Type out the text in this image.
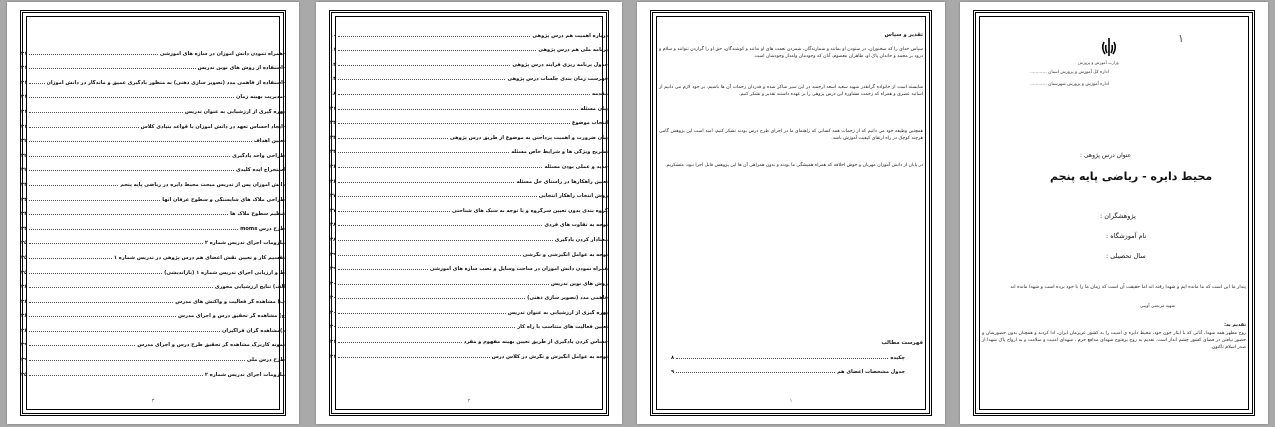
-همراه نمودن دانش آموزان در سازه های آموزشی
۳۱
-استفاده از روش های نوین تدریس
۳۱
-استفاده از فاهمی مدد (تصویر سازی ذهنی) به منظور یادگیری عمیق و ماندگار در دانش آموزان
۳۱
-مدیریت بهینه زمان
۳۱
بهره گیری از ارزشیابی به عنوان تدریس
۳۱
-ایجاد احساس تعهد در دانش آموزان با قواعد بنیادی کلاس
۳۱
تعیین اهداف
۳۲
طراحی واحد یادگیری
۳۲
استخراج ایده کلیدی
۳۲
دانش آموزان پس از تدریس مبحث محیط دایره در ریاضی پایه پنجم
۳۳
طراحی ملاک های شایستگی و سطوح عرفان آنها
۳۳
تنظیم سطوح ملاک ها
۳۴
طرح درس moms
۳۴
ملزومات اجرای تدریس شماره ۲
۳۵
تقسیم کار و تعیین نقش اعضای هم درس پژوهی در تدریس شماره ۱
۳۵
ط و ارزیابی اجرای تدریس شماره ۱ (بازاندیشی)
۳۵
الف) نتایج ارزشیابی محوری
۳۶
ب) مشاهده گر فعالیت و واکنش های مدرس
۳۶
ج) مشاهده گر تحقیق درس و اجرای مدرس
۳۶
د)مشاهده گران فراگیران
۳۶
نمونه کاربرگ مشاهده گر تحقیق طرح درس و اجرای مدرس
۳۹
طرح درس ملی
۳۹
ملزومات اجرای تدریس شماره ۲
۳۵
۳
درباره اهمیت هم درس پژوهی
۱۰
برنامه ملی هم درس پژوهی
۱۱
جدول برنامه ریزی فرآیند درس پژوهی
۱۳
فهرست زمان بندی جلسات درس پژوهی
۱۴
مقدمه
۱۸
بیان مسئله
۲۱
انتخاب موضوع
۲۳
بیان ضرورت و اهمیت پرداختن به موضوع از طریق درس پژوهی
۲۳
تشریح ویژگی ها و شرایط خاص مسئله
۲۴
جدید و عملی بودن مسئله
۲۶
تعیین راهکارها در راستای حل مسئله
۲۶
روش انتخاب راهکار انتخابی
۲۷
گروه بندی بدون تعیین سرگروه و با توجه به سبک های شناختی
۲۷
توجه به تفاوت های فردی
۲۸
معنادار کردن یادگیری
۲۸
توجه به عوامل انگیزشی و نگرشی
۲۹
همراه نمودن دانش آموزان در ساخت وسایل و نصب سازه های آموزشی
۲۹
روش های نوین تدریس
۳۰
فاهمی مدد (تصویر سازی ذهنی)
۳۰
بهره گیری از ارزشیابی به عنوان تدریس
۳۰
تعیین فعالیت های متناسب با راه کار
۳۰
حساس کردن یادگیری از طریق تعیین بهینه مفهوم و مفرد
۳۱
توجه به عوامل انگیزش و نگرش در کلاس درس
۳۱
۲
تقدیر و سپاس
سپاس خدای را که سخنوران، در ستودن او بمانند و شمارندگان، شمردن نعمت های او ندانند و کوشندگان، حق او را گزاردن نتوانند و سلام و درود بر محمد و خاندان پاک او، طاهران معصوم، آنان که وجودمان وامدار وجودشان است.
شایسته است از خانواده گرانقدر شهید سعید اسعد ارجمند در این سیر شاکر شده و قدردان زحمات آن ها باشیم. بر خود لازم می دانیم از اساتید عصری و همراه که زحمت مشاوره این درس پژوهی را بر عهده داشتند تقدیر و تشکر کنیم.
همچنین وظیفه خود می دانیم که از زحمات همه کسانی که راهنمای ما در اجرای طرح درس بودند تشکر کنیم، امید است این پژوهش گامی هرچند کوچک در راه ارتقای کیفیت آموزش باشد.
در پایان از دانش آموزان مهربان و خوش اخلاقه که همراه همیشگی ما بودند و بدون همراهی آن ها این پژوهش قابل اجرا نبود، متشکریم.
فهرست مطالب
چکیده
۸
جدول مشخصات اعضای هم
۹
۱
۱
وزارت آموزش و پرورش
اداره کل آموزش و پرورش استان ............
اداره آموزش و پرورش شهرستان ............
عنوان درس پژوهی :
محیط دایره - ریاضی پایه پنجم
پژوهشگران :
نام آموزشگاه :
سال تحصیلی :
پندار ما این است که ما مانده ایم و شهدا رفته اند اما حقیقت آن است که زمان ما را با خود برده است و شهدا مانده اند
شهید مرتضی آوینی
تقدیم به:
روح مطهر همه شهدا، آنانی که با ایثار خون خود، محیط دایره ی امنیت را به کشور عزیزمان ایران، ادا کردند و همچنان بدون حضورشان و حضور نیافتن در فضای کشور چشم انداز است. تقدیم به روح پرفتوح شهدای مدافع حرم ، شهدای امنیت و سلامت و به ارواح پاک شهدا از صدر اسلام تاکنون.
